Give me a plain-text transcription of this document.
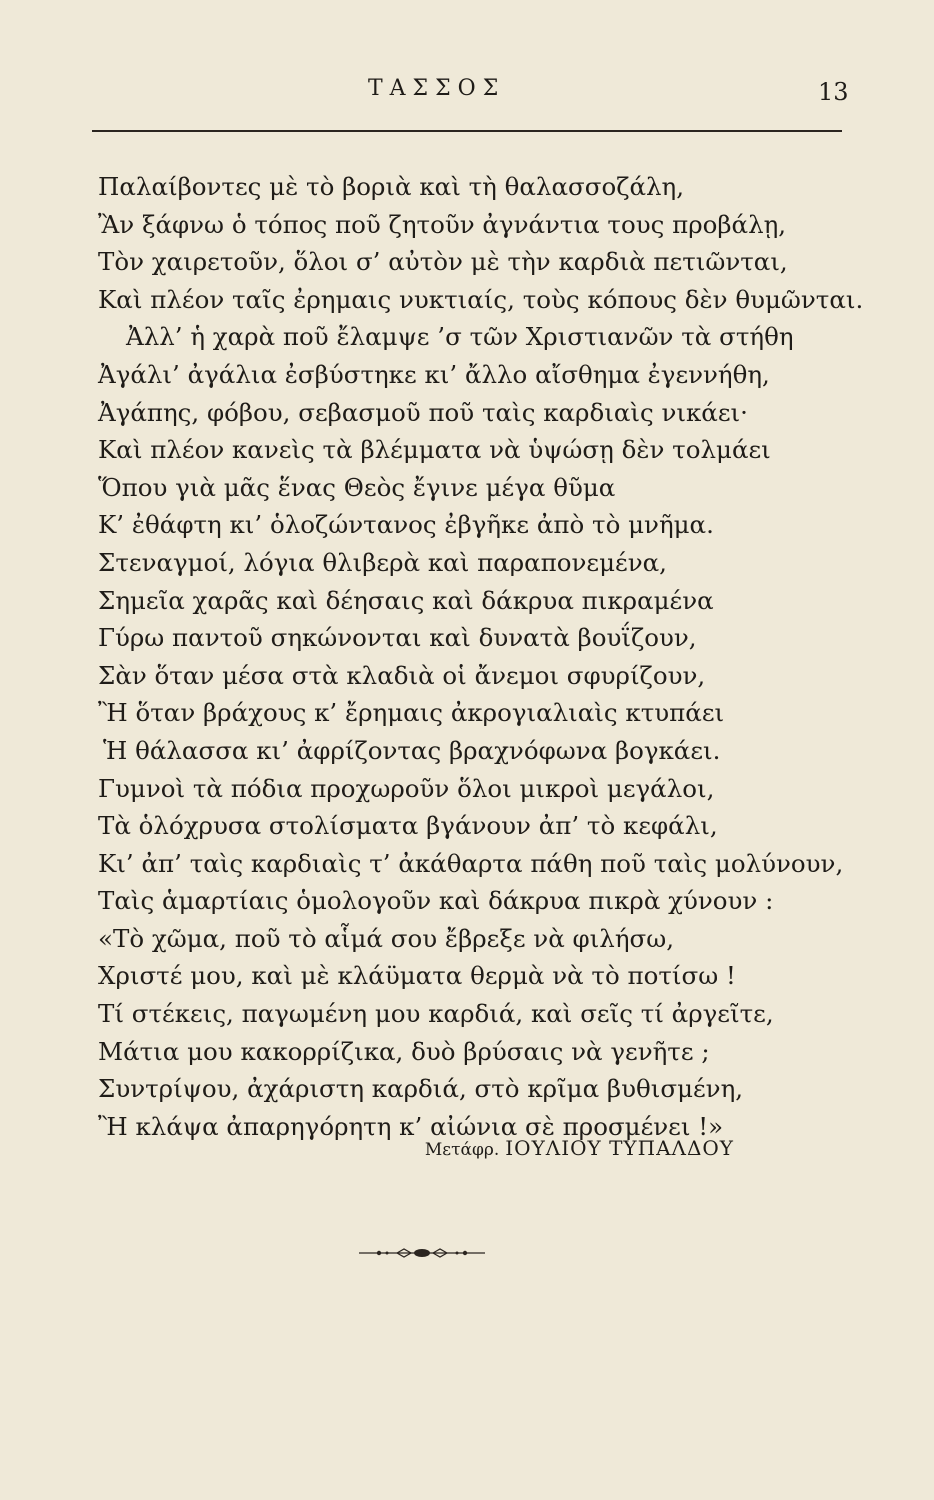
ΤΑΣΣΟΣ	13
Παλαίβοντες μὲ τὸ βοριὰ καὶ τὴ θαλασσοζάλη,
Ἂν ξάφνω ὁ τόπος ποῦ ζητοῦν ἀγνάντια τους προβάλῃ,
Τὸν χαιρετοῦν, ὅλοι σ’ αὐτὸν μὲ τὴν καρδιὰ πετιῶνται,
Καὶ πλέον ταῖς ἐρημαις νυκτιαίς, τοὺς κόπους δὲν θυμῶνται.
Ἀλλ’ ἡ χαρὰ ποῦ ἔλαμψε ’σ τῶν Χριστιανῶν τὰ στήθη
Ἀγάλι’ ἀγάλια ἐσβύστηκε κι’ ἄλλο αἴσθημα ἐγεννήθη,
Ἀγάπης, φόβου, σεβασμοῦ ποῦ ταὶς καρδιαὶς νικάει·
Καὶ πλέον κανεὶς τὰ βλέμματα νὰ ὑψώσῃ δὲν τολμάει
Ὅπου γιὰ μᾶς ἕνας Θεὸς ἔγινε μέγα θῦμα
Κ’ ἐθάφτη κι’ ὁλοζώντανος ἐβγῆκε ἀπὸ τὸ μνῆμα.
Στεναγμοί, λόγια θλιβερὰ καὶ παραπονεμένα,
Σημεῖα χαρᾶς καὶ δέησαις καὶ δάκρυα πικραμένα
Γύρω παντοῦ σηκώνονται καὶ δυνατὰ βουΐζουν,
Σὰν ὅταν μέσα στὰ κλαδιὰ οἱ ἄνεμοι σφυρίζουν,
Ἢ ὅταν βράχους κ’ ἔρημαις ἀκρογιαλιαὶς κτυπάει
Ἡ θάλασσα κι’ ἀφρίζοντας βραχνόφωνα βογκάει.
Γυμνοὶ τὰ πόδια προχωροῦν ὅλοι μικροὶ μεγάλοι,
Τὰ ὁλόχρυσα στολίσματα βγάνουν ἀπ’ τὸ κεφάλι,
Κι’ ἀπ’ ταὶς καρδιαὶς τ’ ἀκάθαρτα πάθη ποῦ ταὶς μολύνουν,
Ταὶς ἁμαρτίαις ὁμολογοῦν καὶ δάκρυα πικρὰ χύνουν :
«Τὸ χῶμα, ποῦ τὸ αἷμά σου ἔβρεξε νὰ φιλήσω,
Χριστέ μου, καὶ μὲ κλάϋματα θερμὰ νὰ τὸ ποτίσω !
Τί στέκεις, παγωμένη μου καρδιά, καὶ σεῖς τί ἀργεῖτε,
Μάτια μου κακορρίζικα, δυὸ βρύσαις νὰ γενῆτε ;
Συντρίψου, ἀχάριστη καρδιά, στὸ κρῖμα βυθισμένη,
Ἢ κλάψα ἀπαρηγόρητη κ’ αἰώνια σὲ προσμένει !»
Μετάφρ. ΙΟΥΛΙΟΥ ΤΥΠΑΛΔΟΥ
